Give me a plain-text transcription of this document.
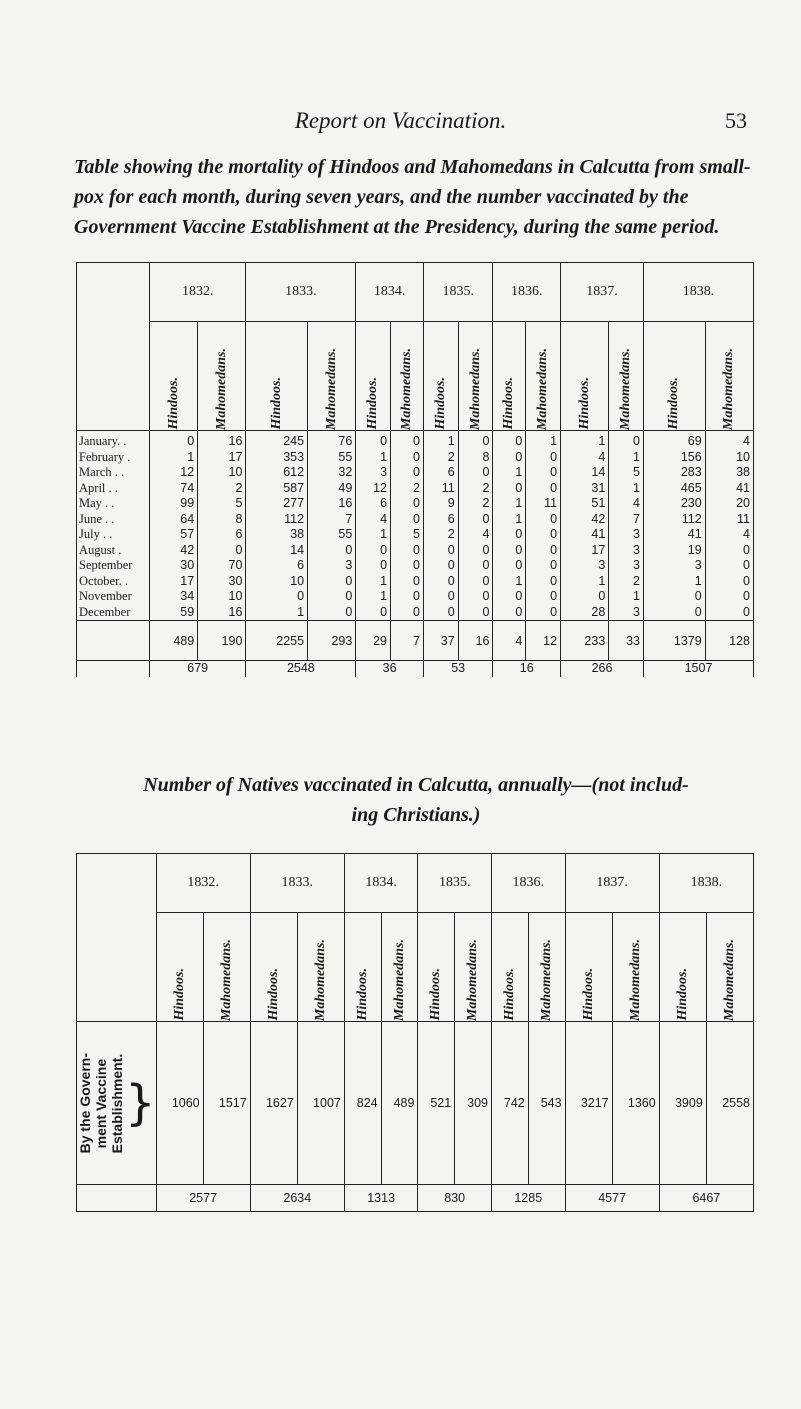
Report on Vaccination.	53
Table showing the mortality of Hindoos and Mahomedans in Calcutta from small-pox for each month, during seven years, and the number vaccinated by the Government Vaccine Establishment at the Presidency, during the same period.
	1832.		1833.		1834.		1835.		1836.		1837.		1838.	

	Hindoos.	Mahomedans.	Hindoos.	Mahomedans.	Hindoos.	Mahomedans.	Hindoos.	Mahomedans.	Hindoos.	Mahomedans.	Hindoos.	Mahomedans.	Hindoos.	Mahomedans.

January. .	0	16	245	76	0	0	1	0	0	1	1	0	69	4
February .	1	17	353	55	1	0	2	8	0	0	4	1	156	10
March . .	12	10	612	32	3	0	6	0	1	0	14	5	283	38
April . .	74	2	587	49	12	2	11	2	0	0	31	1	465	41
May . .	99	5	277	16	6	0	9	2	1	11	51	4	230	20
June . .	64	8	112	7	4	0	6	0	1	0	42	7	112	11
July . .	57	6	38	55	1	5	2	4	0	0	41	3	41	4
August .	42	0	14	0	0	0	0	0	0	0	17	3	19	0
September	30	70	6	3	0	0	0	0	0	0	3	3	3	0
October. .	17	30	10	0	1	0	0	0	1	0	1	2	1	0
November	34	10	0	0	1	0	0	0	0	0	0	1	0	0
December	59	16	1	0	0	0	0	0	0	0	28	3	0	0
	489	190	2255	293	29	7	37	16	4	12	233	33	1379	128
	679		2548		36		53		16		266		1507	
Number of Natives vaccinated in Calcutta, annually—(not includ-
ing Christians.)
	1832.		1833.		1834.		1835.		1836.		1837.		1838.	

	Hindoos.	Mahomedans.	Hindoos.	Mahomedans.	Hindoos.	Mahomedans.	Hindoos.	Mahomedans.	Hindoos.	Mahomedans.	Hindoos.	Mahomedans.	Hindoos.	Mahomedans.

By the Govern-
ment Vaccine
Establishment. }	1060	1517	1627	1007	824	489	521	309	742	543	3217	1360	3909	2558
	2577		2634		1313		830		1285		4577		6467	
